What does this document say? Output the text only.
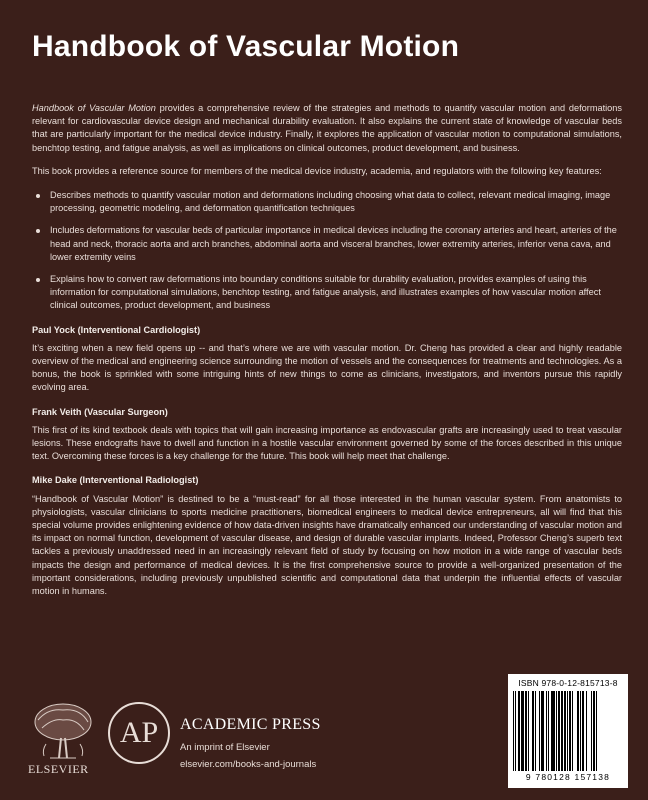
Handbook of Vascular Motion

Handbook of Vascular Motion provides a comprehensive review of the strategies and methods to quantify vascular motion and deformations relevant for cardiovascular device design and mechanical durability evaluation. It also explains the current state of knowledge of vascular beds that are particularly important for the medical device industry. Finally, it explores the application of vascular motion to computational simulations, benchtop testing, and fatigue analysis, as well as implications on clinical outcomes, product development, and business.

This book provides a reference source for members of the medical device industry, academia, and regulators with the following key features:

Describes methods to quantify vascular motion and deformations including choosing what data to collect, relevant medical imaging, image processing, geometric modeling, and deformation quantification techniques
Includes deformations for vascular beds of particular importance in medical devices including the coronary arteries and heart, arteries of the head and neck, thoracic aorta and arch branches, abdominal aorta and visceral branches, lower extremity arteries, inferior vena cava, and lower extremity veins
Explains how to convert raw deformations into boundary conditions suitable for durability evaluation, provides examples of using this information for computational simulations, benchtop testing, and fatigue analysis, and illustrates examples of how vascular motion affect clinical outcomes, product development, and business
Paul Yock (Interventional Cardiologist)

It’s exciting when a new field opens up -- and that’s where we are with vascular motion. Dr. Cheng has provided a clear and highly readable overview of the medical and engineering science surrounding the motion of vessels and the consequences for treatments and technologies. As a bonus, the book is sprinkled with some intriguing hints of new things to come as clinicians, investigators, and inventors pursue this rapidly evolving area.

Frank Veith (Vascular Surgeon)

This first of its kind textbook deals with topics that will gain increasing importance as endovascular grafts are increasingly used to treat vascular lesions. These endografts have to dwell and function in a hostile vascular environment governed by some of the forces described in this unique text. Overcoming these forces is a key challenge for the future. This book will help meet that challenge.

Mike Dake (Interventional Radiologist)

“Handbook of Vascular Motion” is destined to be a “must-read” for all those interested in the human vascular system. From anatomists to physiologists, vascular clinicians to sports medicine practitioners, biomedical engineers to medical device entrepreneurs, all will find that this special volume provides enlightening evidence of how data-driven insights have dramatically enhanced our understanding of vascular motion and its impact on normal function, development of vascular disease, and design of durable vascular implants. Indeed, Professor Cheng’s superb text tackles a previously unaddressed need in an increasingly relevant field of study by focusing on how motion in a wide range of vascular beds impacts the design and performance of medical devices. It is the first comprehensive source to provide a well-organized presentation of the important considerations, including previously unpublished scientific and computational data that underpin the influential effects of vascular motion in humans.

ELSEVIER
AP ACADEMIC PRESS
An imprint of Elsevier
elsevier.com/books-and-journals
ISBN 978-0-12-815713-8
9 780128 157138
